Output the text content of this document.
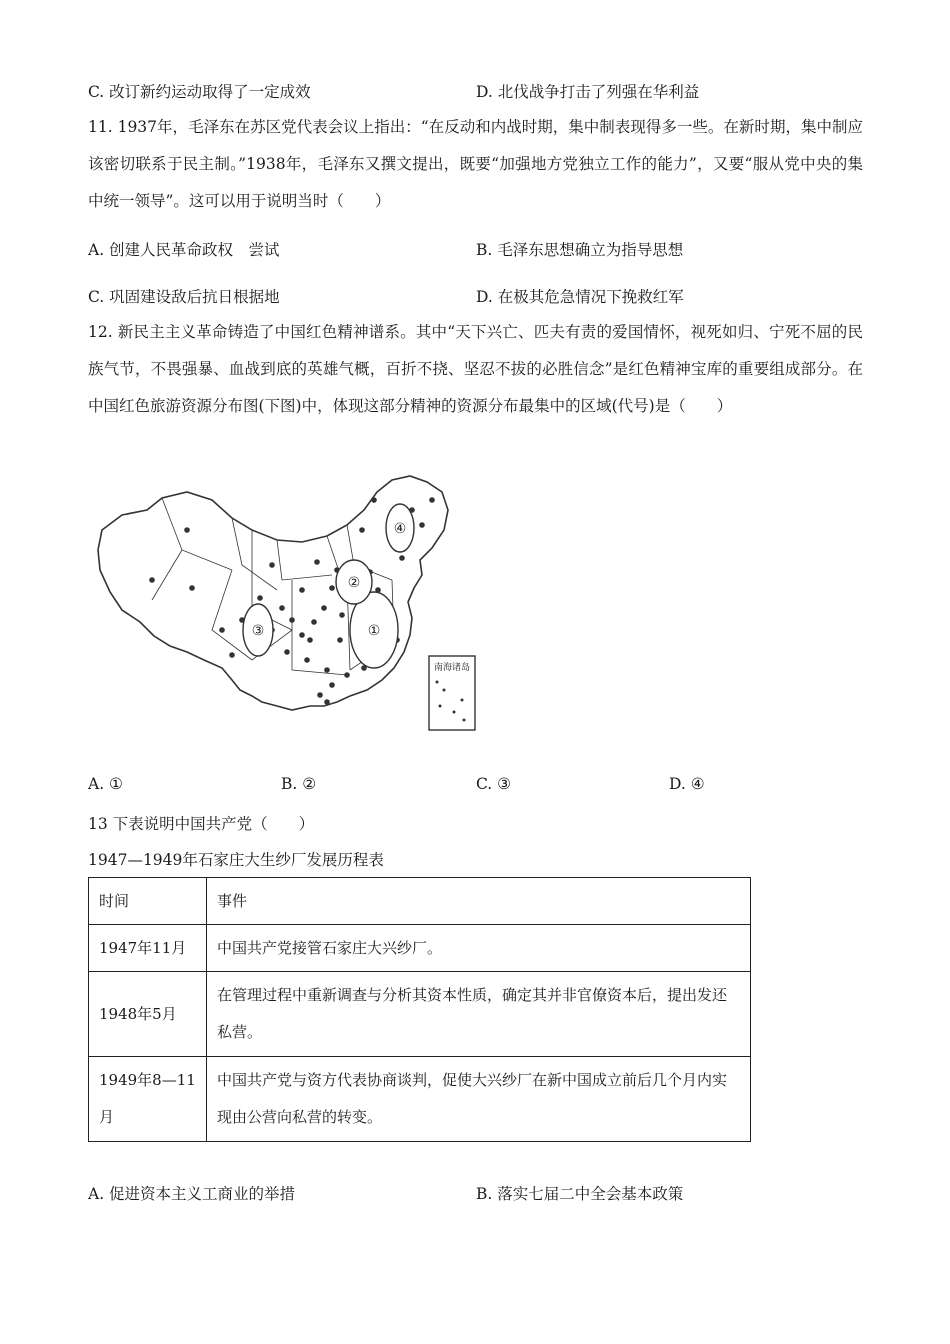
C. 改订新约运动取得了一定成效	D. 北伐战争打击了列强在华利益
11. 1937年，毛泽东在苏区党代表会议上指出：“在反动和内战时期，集中制表现得多一些。在新时期，集中制应该密切联系于民主制。”1938年，毛泽东又撰文提出，既要“加强地方党独立工作的能力”，又要“服从党中央的集中统一领导”。这可以用于说明当时（　　）
A. 创建人民革命政权　尝试	B. 毛泽东思想确立为指导思想
C. 巩固建设敌后抗日根据地	D. 在极其危急情况下挽救红军
12. 新民主主义革命铸造了中国红色精神谱系。其中“天下兴亡、匹夫有责的爱国情怀，视死如归、宁死不屈的民族气节，不畏强暴、血战到底的英雄气概，百折不挠、坚忍不拔的必胜信念”是红色精神宝库的重要组成部分。在中国红色旅游资源分布图(下图)中，体现这部分精神的资源分布最集中的区域(代号)是（　　）
①
②
③
④
南海诸岛
A. ①	B. ②	C. ③	D. ④
13 下表说明中国共产党（　　）
1947—1949年石家庄大生纱厂发展历程表
时间	事件
1947年11月	中国共产党接管石家庄大兴纱厂。
1948年5月	在管理过程中重新调查与分析其资本性质，确定其并非官僚资本后，提出发还私营。
1949年8—11月	中国共产党与资方代表协商谈判，促使大兴纱厂在新中国成立前后几个月内实现由公营向私营的转变。
A. 促进资本主义工商业的举措	B. 落实七届二中全会基本政策
